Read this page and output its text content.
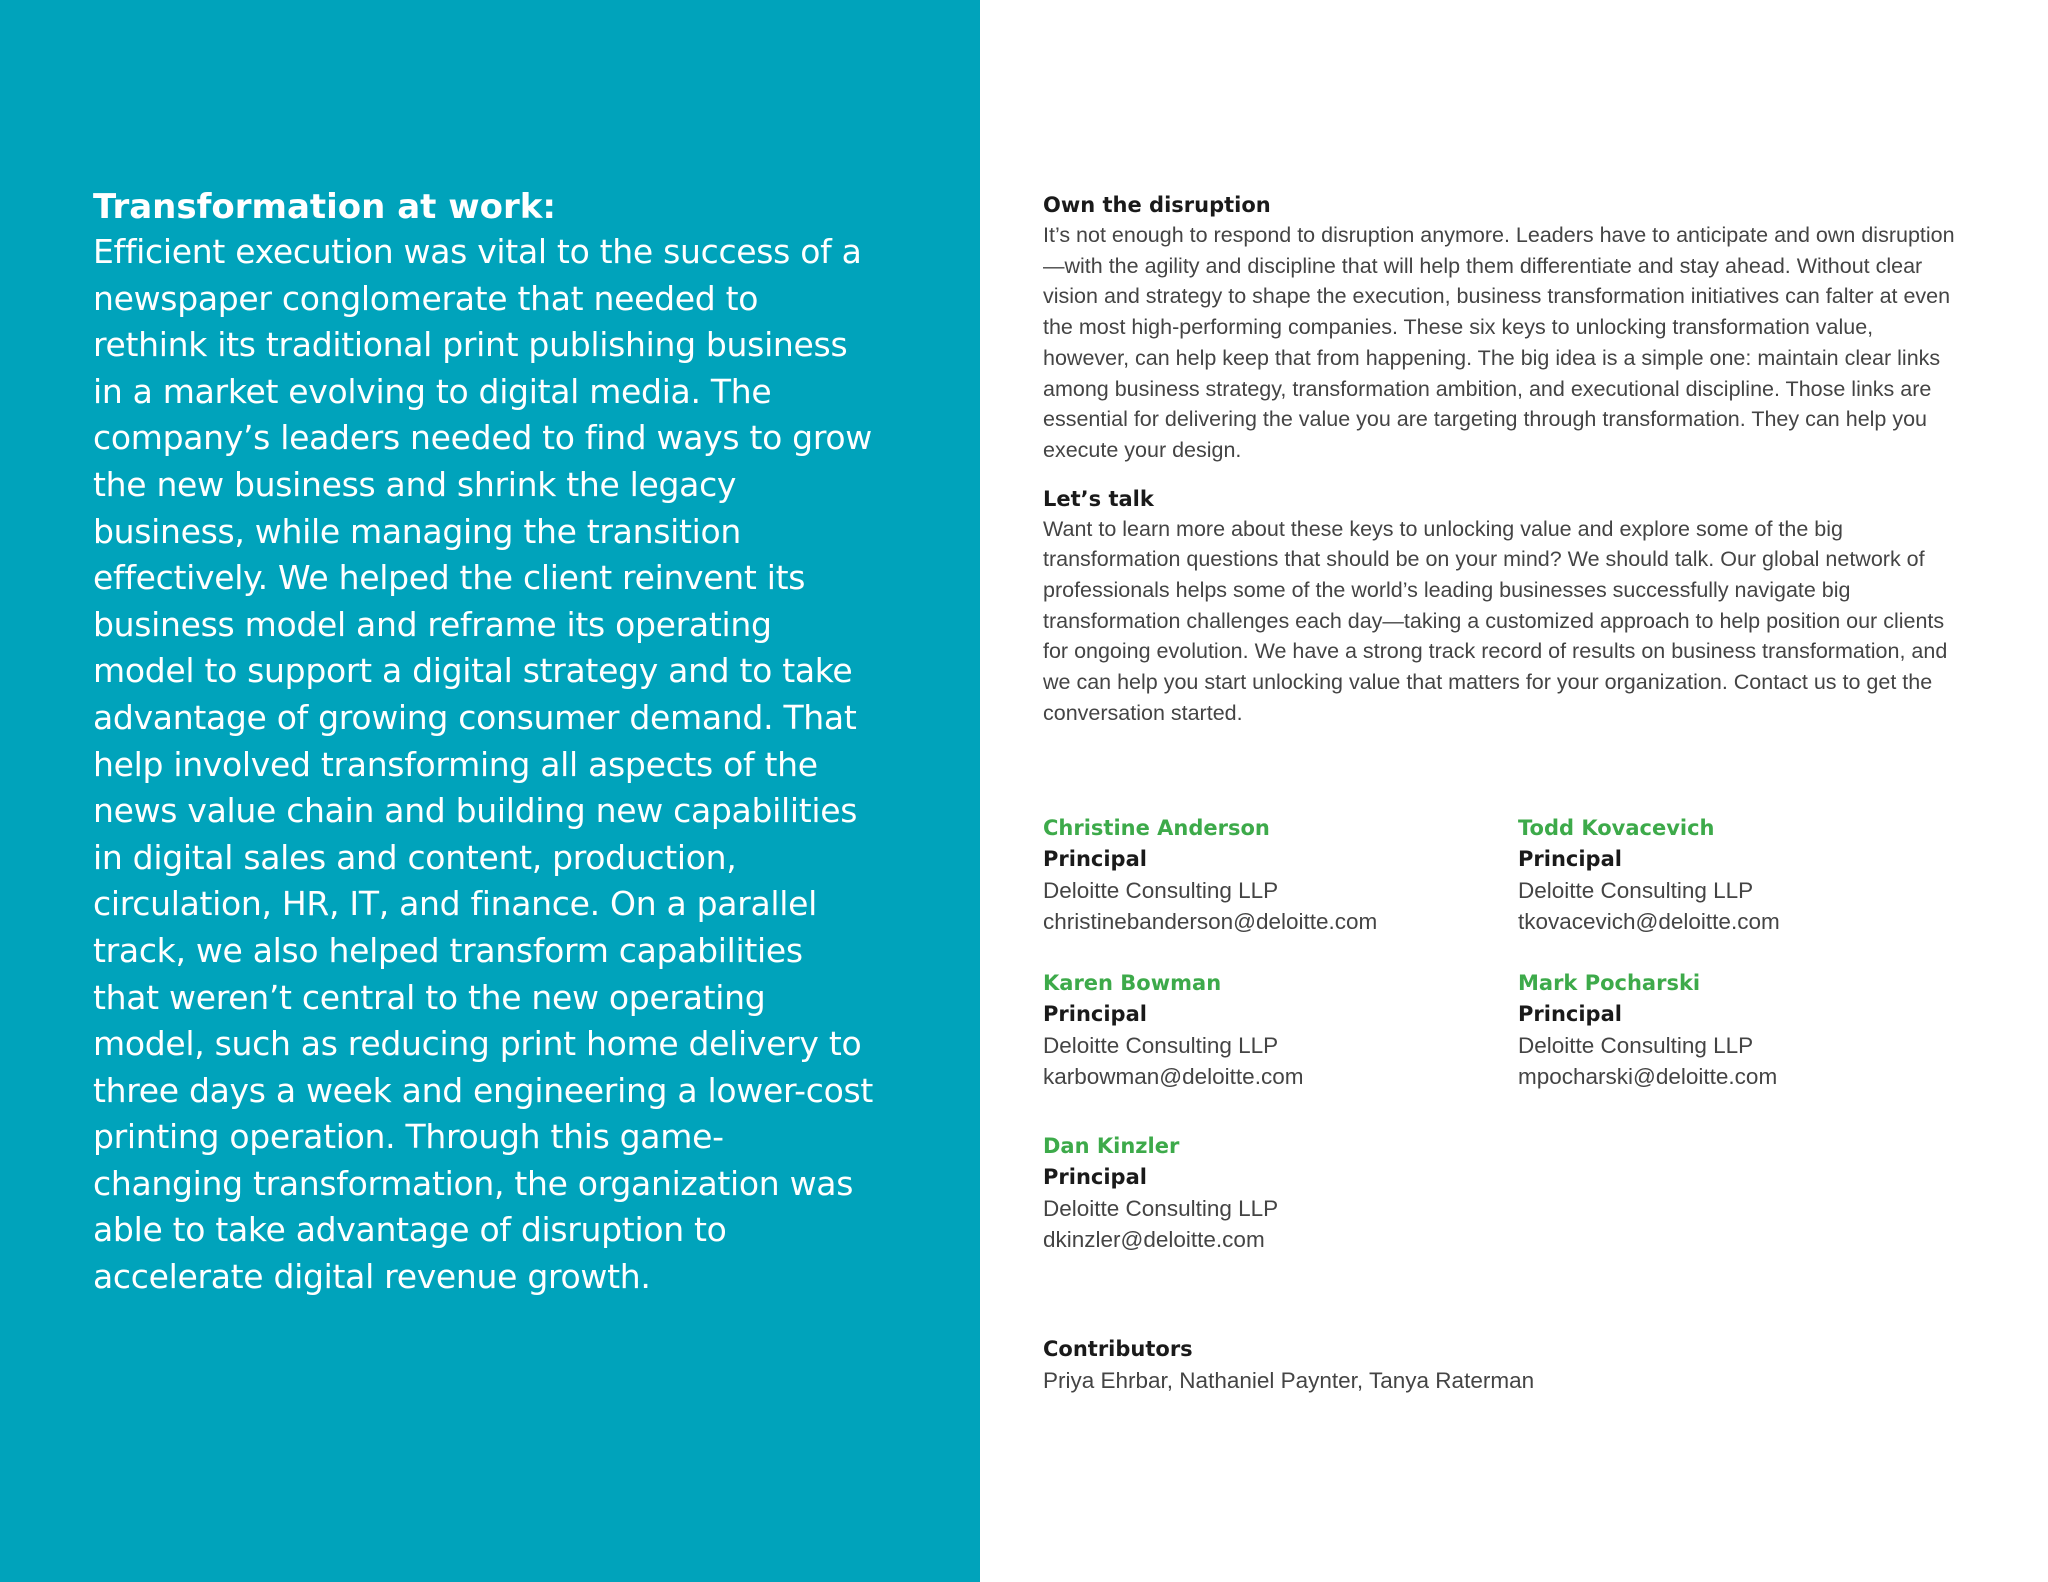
Transformation at work:

Efficient execution was vital to the success of a newspaper conglomerate that needed to rethink its traditional print publishing business in a market evolving to digital media. The company’s leaders needed to find ways to grow the new business and shrink the legacy business, while managing the transition effectively. We helped the client reinvent its business model and reframe its operating model to support a digital strategy and to take advantage of growing consumer demand. That help involved transforming all aspects of the news value chain and building new capabilities in digital sales and content, production, circulation, HR, IT, and finance. On a parallel track, we also helped transform capabilities that weren’t central to the new operating model, such as reducing print home delivery to three days a week and engineering a lower-cost printing operation. Through this game-changing transformation, the organization was able to take advantage of disruption to accelerate digital revenue growth.

Own the disruption

It’s not enough to respond to disruption anymore. Leaders have to anticipate and own disruption—with the agility and discipline that will help them differentiate and stay ahead. Without clear vision and strategy to shape the execution, business transformation initiatives can falter at even the most high-performing companies. These six keys to unlocking transformation value, however, can help keep that from happening. The big idea is a simple one: maintain clear links among business strategy, transformation ambition, and executional discipline. Those links are essential for delivering the value you are targeting through transformation. They can help you execute your design.

Let’s talk

Want to learn more about these keys to unlocking value and explore some of the big transformation questions that should be on your mind? We should talk. Our global network of professionals helps some of the world’s leading businesses successfully navigate big transformation challenges each day—taking a customized approach to help position our clients for ongoing evolution. We have a strong track record of results on business transformation, and we can help you start unlocking value that matters for your organization. Contact us to get the conversation started.

Christine Anderson
Principal
Deloitte Consulting LLP
christinebanderson@deloitte.com
Todd Kovacevich
Principal
Deloitte Consulting LLP
tkovacevich@deloitte.com
Karen Bowman
Principal
Deloitte Consulting LLP
karbowman@deloitte.com
Mark Pocharski
Principal
Deloitte Consulting LLP
mpocharski@deloitte.com
Dan Kinzler
Principal
Deloitte Consulting LLP
dkinzler@deloitte.com
Contributors
Priya Ehrbar, Nathaniel Paynter, Tanya Raterman
